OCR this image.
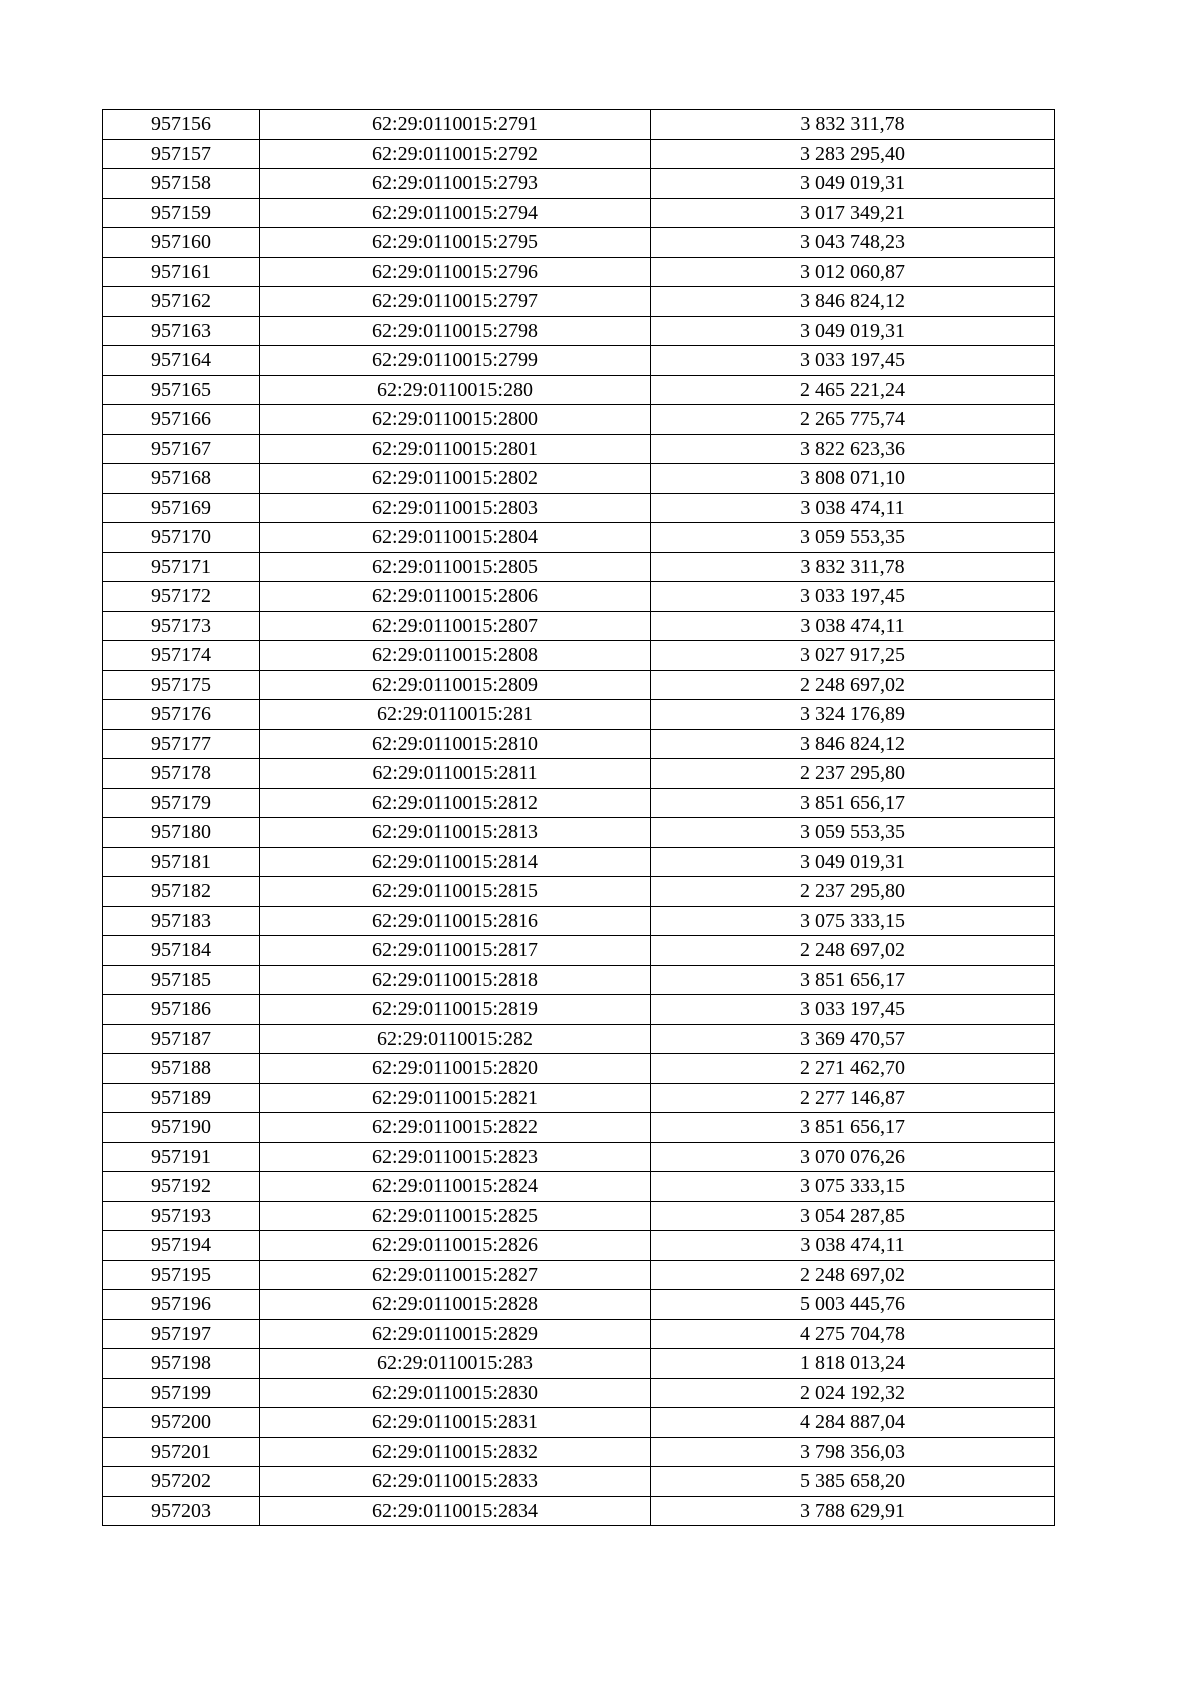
957156	62:29:0110015:2791	3 832 311,78
957157	62:29:0110015:2792	3 283 295,40
957158	62:29:0110015:2793	3 049 019,31
957159	62:29:0110015:2794	3 017 349,21
957160	62:29:0110015:2795	3 043 748,23
957161	62:29:0110015:2796	3 012 060,87
957162	62:29:0110015:2797	3 846 824,12
957163	62:29:0110015:2798	3 049 019,31
957164	62:29:0110015:2799	3 033 197,45
957165	62:29:0110015:280	2 465 221,24
957166	62:29:0110015:2800	2 265 775,74
957167	62:29:0110015:2801	3 822 623,36
957168	62:29:0110015:2802	3 808 071,10
957169	62:29:0110015:2803	3 038 474,11
957170	62:29:0110015:2804	3 059 553,35
957171	62:29:0110015:2805	3 832 311,78
957172	62:29:0110015:2806	3 033 197,45
957173	62:29:0110015:2807	3 038 474,11
957174	62:29:0110015:2808	3 027 917,25
957175	62:29:0110015:2809	2 248 697,02
957176	62:29:0110015:281	3 324 176,89
957177	62:29:0110015:2810	3 846 824,12
957178	62:29:0110015:2811	2 237 295,80
957179	62:29:0110015:2812	3 851 656,17
957180	62:29:0110015:2813	3 059 553,35
957181	62:29:0110015:2814	3 049 019,31
957182	62:29:0110015:2815	2 237 295,80
957183	62:29:0110015:2816	3 075 333,15
957184	62:29:0110015:2817	2 248 697,02
957185	62:29:0110015:2818	3 851 656,17
957186	62:29:0110015:2819	3 033 197,45
957187	62:29:0110015:282	3 369 470,57
957188	62:29:0110015:2820	2 271 462,70
957189	62:29:0110015:2821	2 277 146,87
957190	62:29:0110015:2822	3 851 656,17
957191	62:29:0110015:2823	3 070 076,26
957192	62:29:0110015:2824	3 075 333,15
957193	62:29:0110015:2825	3 054 287,85
957194	62:29:0110015:2826	3 038 474,11
957195	62:29:0110015:2827	2 248 697,02
957196	62:29:0110015:2828	5 003 445,76
957197	62:29:0110015:2829	4 275 704,78
957198	62:29:0110015:283	1 818 013,24
957199	62:29:0110015:2830	2 024 192,32
957200	62:29:0110015:2831	4 284 887,04
957201	62:29:0110015:2832	3 798 356,03
957202	62:29:0110015:2833	5 385 658,20
957203	62:29:0110015:2834	3 788 629,91
